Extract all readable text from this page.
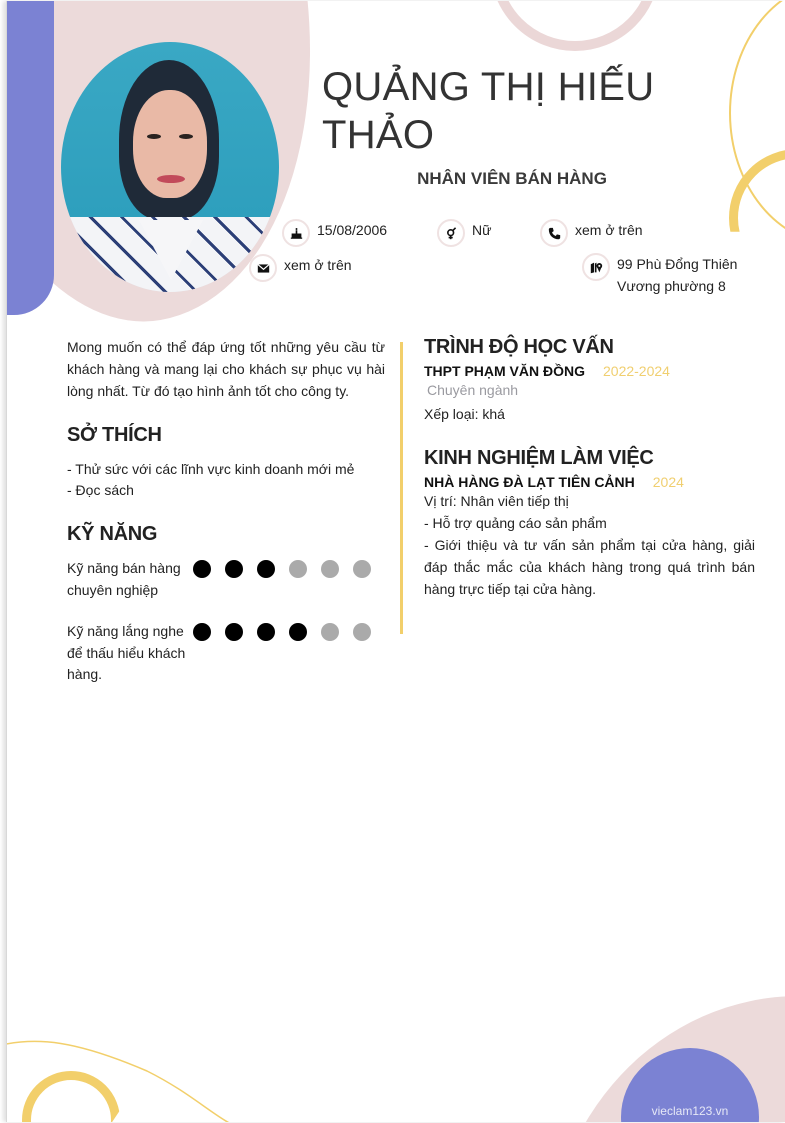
QUẢNG THỊ HIẾU THẢO
NHÂN VIÊN BÁN HÀNG
15/08/2006	Nữ	xem ở trên
xem ở trên	99 Phù Đổng Thiên
Vương phường 8
Mong muốn có thể đáp ứng tốt những yêu cầu từ khách hàng và mang lại cho khách sự phục vụ hài lòng nhất. Từ đó tạo hình ảnh tốt cho công ty.
SỞ THÍCH
- Thử sức với các lĩnh vực kinh doanh mới mẻ
- Đọc sách
KỸ NĂNG
Kỹ năng bán hàng chuyên nghiệp
Kỹ năng lắng nghe để thấu hiểu khách hàng.
TRÌNH ĐỘ HỌC VẤN
THPT PHẠM VĂN ĐỒNG 2022-2024
Chuyên ngành
Xếp loại: khá
KINH NGHIỆM LÀM VIỆC
NHÀ HÀNG ĐÀ LẠT TIÊN CẢNH 2024
Vị trí: Nhân viên tiếp thị
- Hỗ trợ quảng cáo sản phẩm
- Giới thiệu và tư vấn sản phẩm tại cửa hàng, giải đáp thắc mắc của khách hàng trong quá trình bán hàng trực tiếp tại cửa hàng.
vieclam123.vn
